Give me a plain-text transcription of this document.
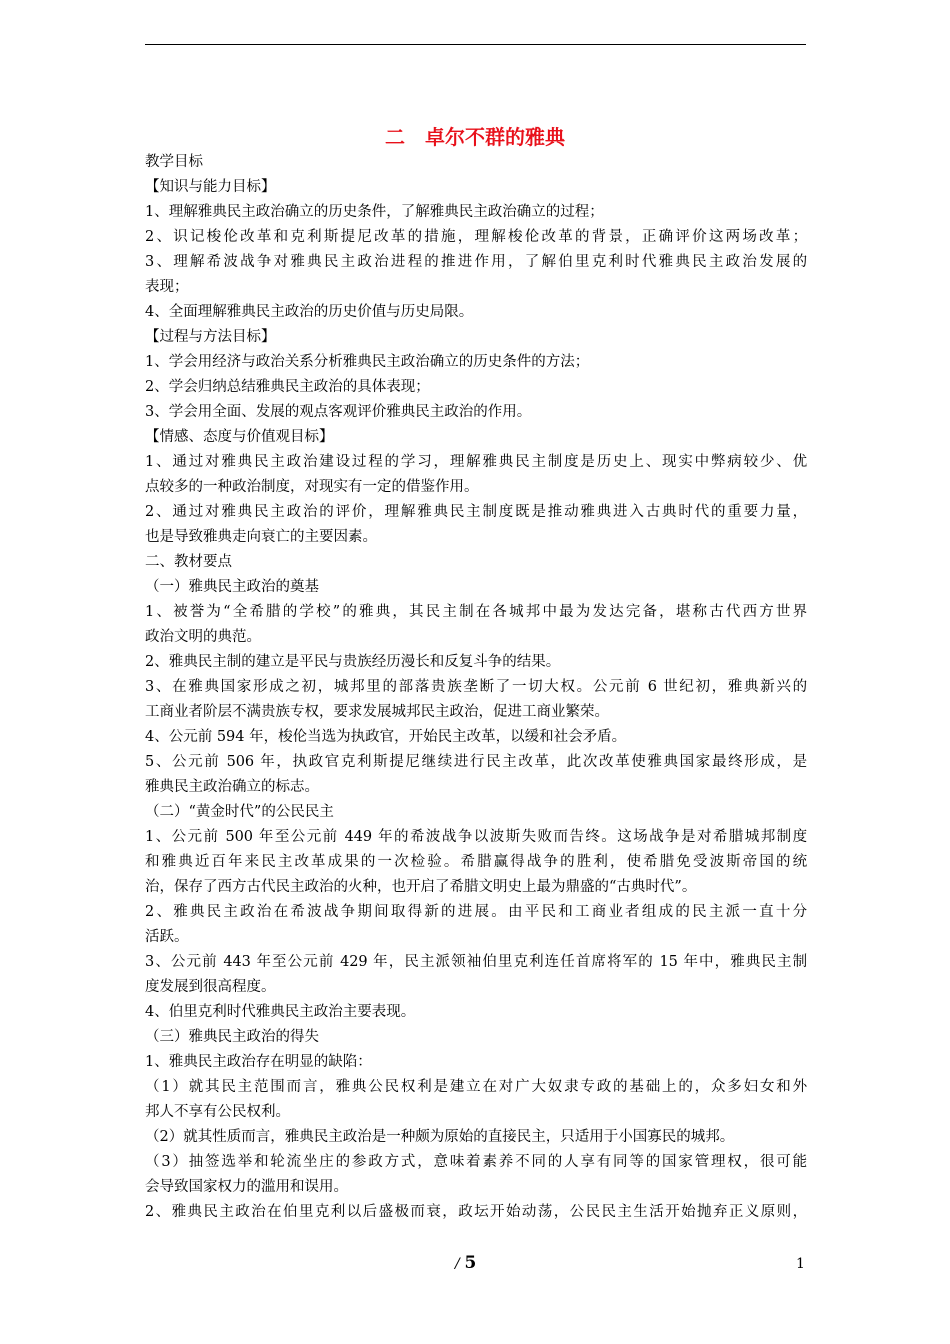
二　卓尔不群的雅典
教学目标
【知识与能力目标】
1、理解雅典民主政治确立的历史条件，了解雅典民主政治确立的过程；
2、识记梭伦改革和克利斯提尼改革的措施，理解梭伦改革的背景，正确评价这两场改革；
3、理解希波战争对雅典民主政治进程的推进作用，了解伯里克利时代雅典民主政治发展的
表现；
4、全面理解雅典民主政治的历史价值与历史局限。
【过程与方法目标】
1、学会用经济与政治关系分析雅典民主政治确立的历史条件的方法；
2、学会归纳总结雅典民主政治的具体表现；
3、学会用全面、发展的观点客观评价雅典民主政治的作用。
【情感、态度与价值观目标】
1、通过对雅典民主政治建设过程的学习，理解雅典民主制度是历史上、现实中弊病较少、优
点较多的一种政治制度，对现实有一定的借鉴作用。
2、通过对雅典民主政治的评价，理解雅典民主制度既是推动雅典进入古典时代的重要力量，
也是导致雅典走向衰亡的主要因素。
二、教材要点
（一）雅典民主政治的奠基
1、被誉为“全希腊的学校”的雅典，其民主制在各城邦中最为发达完备，堪称古代西方世界
政治文明的典范。
2、雅典民主制的建立是平民与贵族经历漫长和反复斗争的结果。
3、在雅典国家形成之初，城邦里的部落贵族垄断了一切大权。公元前 6 世纪初，雅典新兴的
工商业者阶层不满贵族专权，要求发展城邦民主政治，促进工商业繁荣。
4、公元前 594 年，梭伦当选为执政官，开始民主改革，以缓和社会矛盾。
5、公元前 506 年，执政官克利斯提尼继续进行民主改革，此次改革使雅典国家最终形成，是
雅典民主政治确立的标志。
（二）“黄金时代”的公民民主
1、公元前 500 年至公元前 449 年的希波战争以波斯失败而告终。这场战争是对希腊城邦制度
和雅典近百年来民主改革成果的一次检验。希腊赢得战争的胜利，使希腊免受波斯帝国的统
治，保存了西方古代民主政治的火种，也开启了希腊文明史上最为鼎盛的“古典时代”。
2、雅典民主政治在希波战争期间取得新的进展。由平民和工商业者组成的民主派一直十分
活跃。
3、公元前 443 年至公元前 429 年，民主派领袖伯里克利连任首席将军的 15 年中，雅典民主制
度发展到很高程度。
4、伯里克利时代雅典民主政治主要表现。
（三）雅典民主政治的得失
1、雅典民主政治存在明显的缺陷：
（1）就其民主范围而言，雅典公民权利是建立在对广大奴隶专政的基础上的，众多妇女和外
邦人不享有公民权利。
（2）就其性质而言，雅典民主政治是一种颇为原始的直接民主，只适用于小国寡民的城邦。
（3）抽签选举和轮流坐庄的参政方式，意味着素养不同的人享有同等的国家管理权，很可能
会导致国家权力的滥用和误用。
2、雅典民主政治在伯里克利以后盛极而衰，政坛开始动荡，公民民主生活开始抛弃正义原则，
/ 5	1
